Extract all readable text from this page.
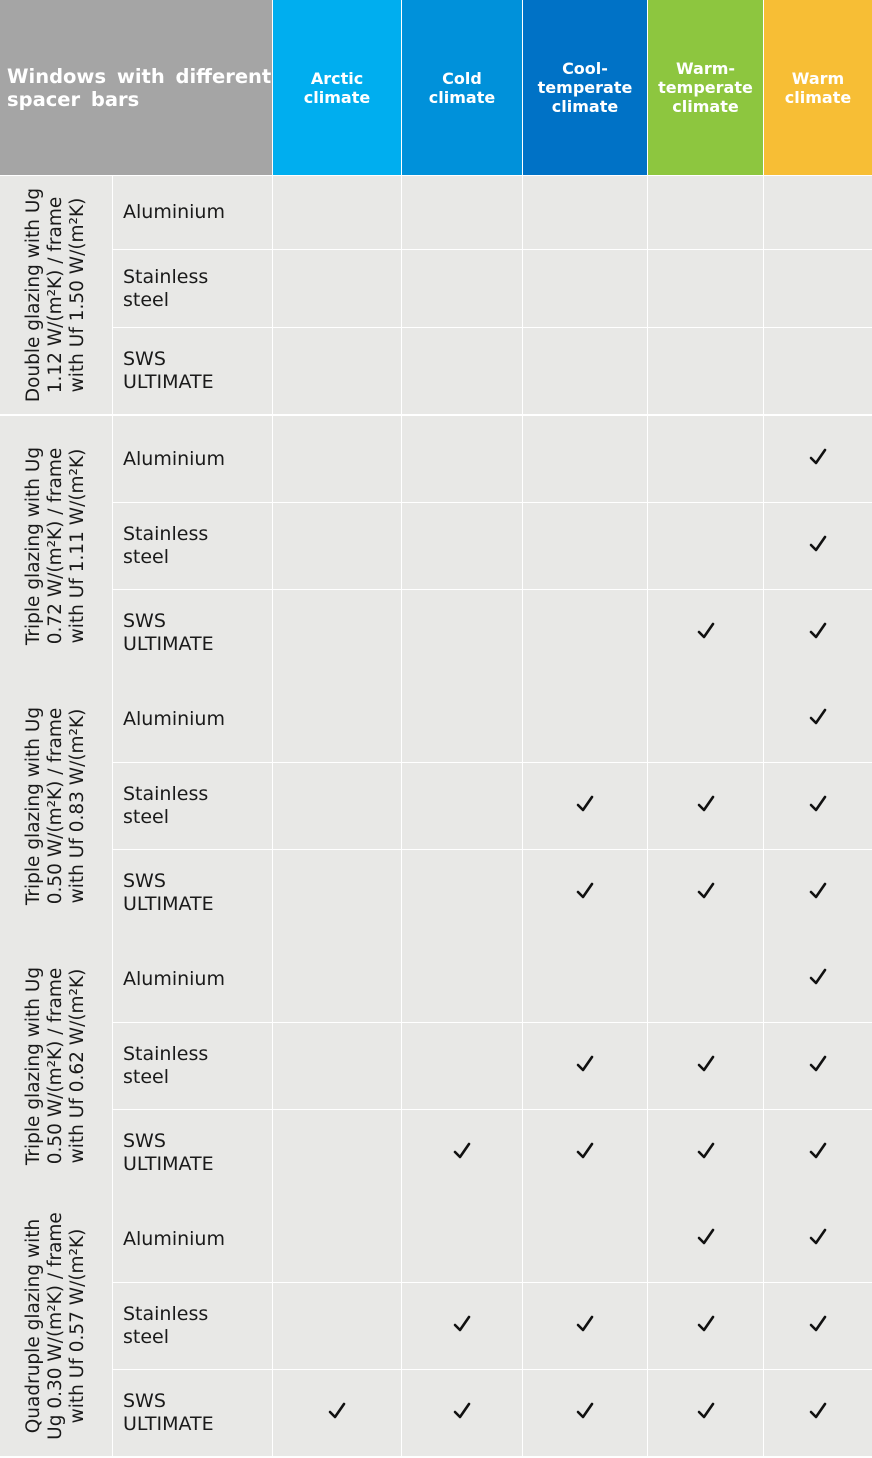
Windows with different spacer bars
Arctic climate
Cold climate
Cool-temperate climate
Warm-temperate climate
Warm climate
Double glazing with Ug 1.12 W/(m²K) / frame with Uf 1.50 W/(m²K) Aluminium
Stainless steel
SWS ULTIMATE
Triple glazing with Ug 0.72 W/(m²K) / frame with Uf 1.11 W/(m²K) Aluminium
Stainless steel
SWS ULTIMATE
Triple glazing with Ug 0.50 W/(m²K) / frame with Uf 0.83 W/(m²K) Aluminium
Stainless steel
SWS ULTIMATE
Triple glazing with Ug 0.50 W/(m²K) / frame with Uf 0.62 W/(m²K) Aluminium
Stainless steel
SWS ULTIMATE
Quadruple glazing with Ug 0.30 W/(m²K) / frame with Uf 0.57 W/(m²K) Aluminium
Stainless steel
SWS ULTIMATE
